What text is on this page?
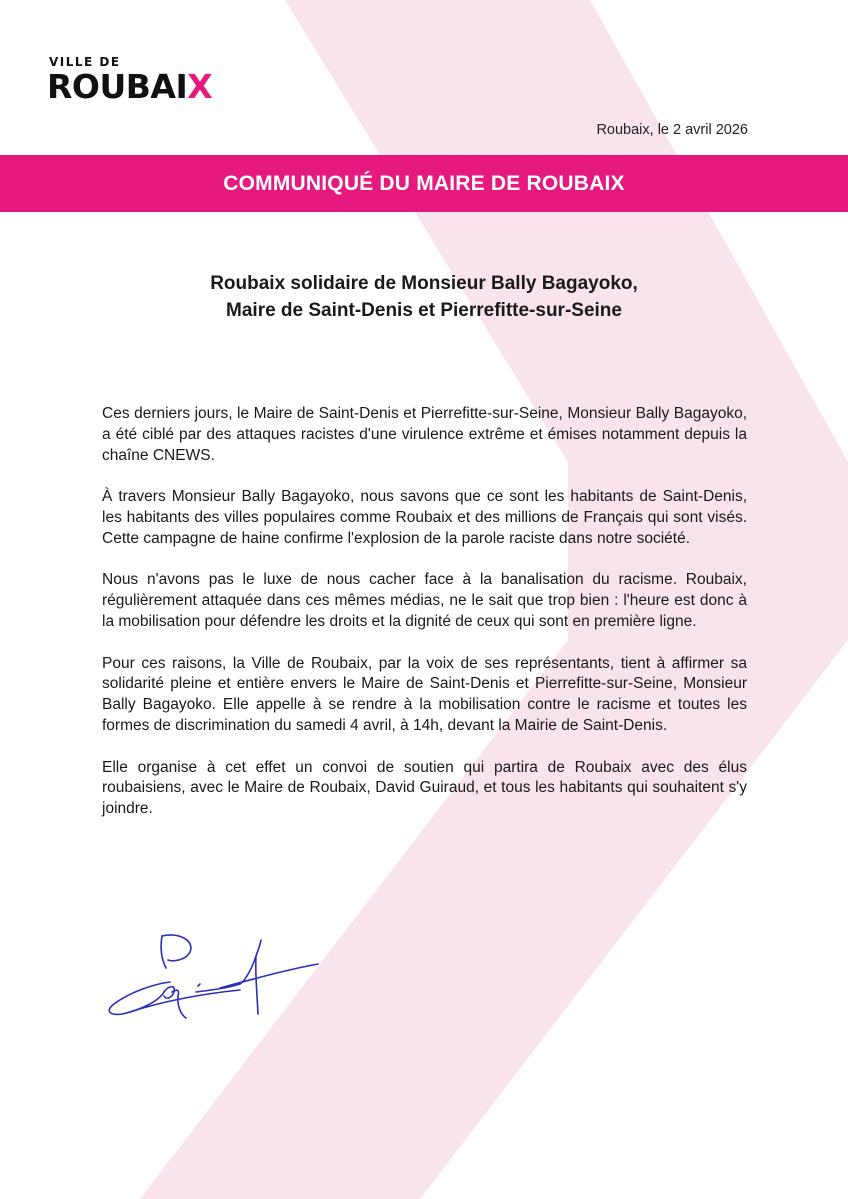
VILLE DE
ROUBAIX
Roubaix, le 2 avril 2026
COMMUNIQUÉ DU MAIRE DE ROUBAIX
Roubaix solidaire de Monsieur Bally Bagayoko,
Maire de Saint-Denis et Pierrefitte-sur-Seine

Ces derniers jours, le Maire de Saint-Denis et Pierrefitte-sur-Seine, Monsieur Bally Bagayoko, a été ciblé par des attaques racistes d'une virulence extrême et émises notamment depuis la chaîne CNEWS.

À travers Monsieur Bally Bagayoko, nous savons que ce sont les habitants de Saint-Denis, les habitants des villes populaires comme Roubaix et des millions de Français qui sont visés. Cette campagne de haine confirme l'explosion de la parole raciste dans notre société.

Nous n'avons pas le luxe de nous cacher face à la banalisation du racisme. Roubaix, régulièrement attaquée dans ces mêmes médias, ne le sait que trop bien : l'heure est donc à la mobilisation pour défendre les droits et la dignité de ceux qui sont en première ligne.

Pour ces raisons, la Ville de Roubaix, par la voix de ses représentants, tient à affirmer sa solidarité pleine et entière envers le Maire de Saint-Denis et Pierrefitte-sur-Seine, Monsieur Bally Bagayoko. Elle appelle à se rendre à la mobilisation contre le racisme et toutes les formes de discrimination du samedi 4 avril, à 14h, devant la Mairie de Saint-Denis.

Elle organise à cet effet un convoi de soutien qui partira de Roubaix avec des élus roubaisiens, avec le Maire de Roubaix, David Guiraud, et tous les habitants qui souhaitent s'y joindre.
